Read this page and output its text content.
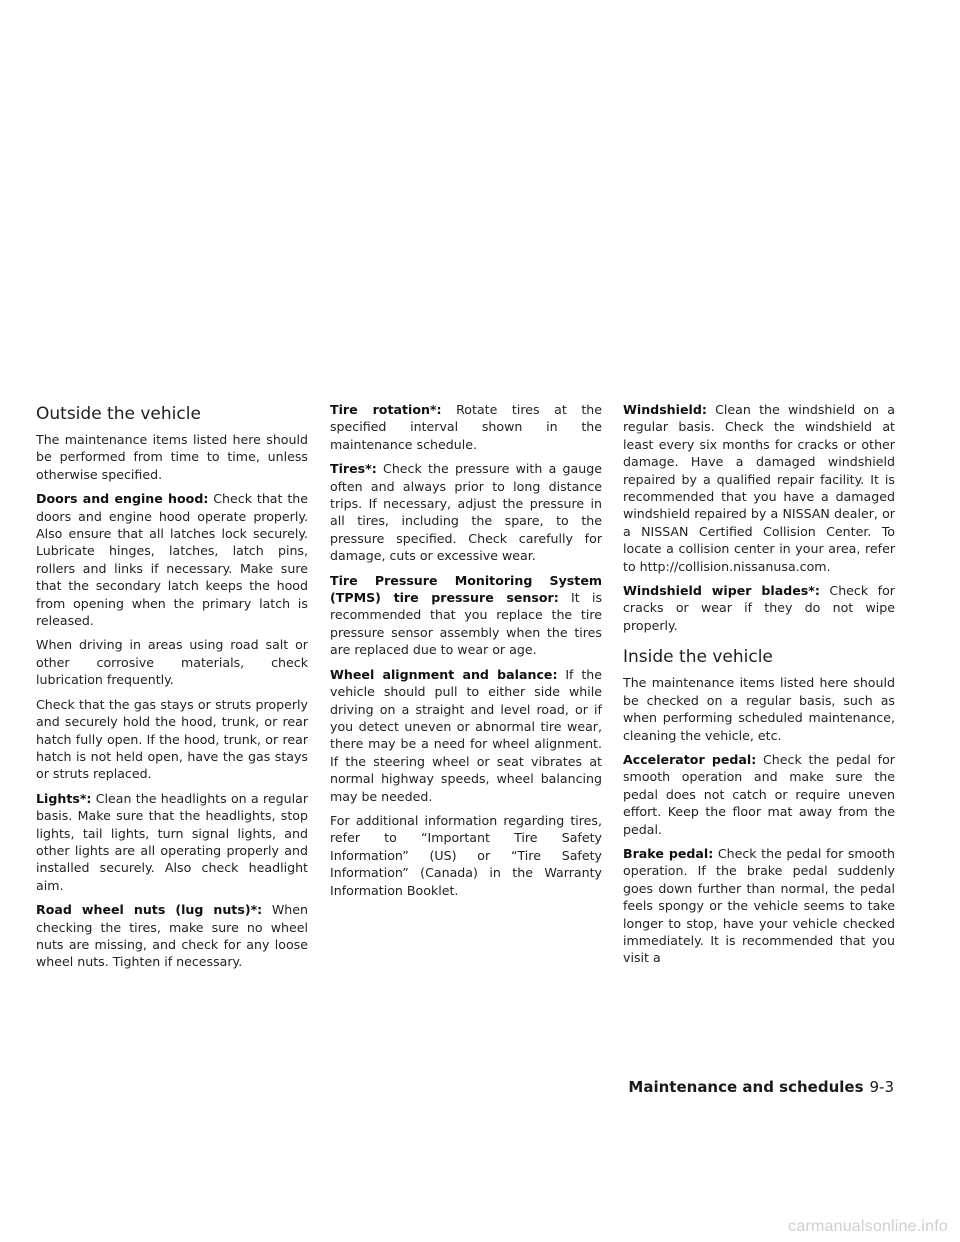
Outside the vehicle

The maintenance items listed here should be performed from time to time, unless otherwise specified.

Doors and engine hood: Check that the doors and engine hood operate properly. Also ensure that all latches lock securely. Lubricate hinges, latches, latch pins, rollers and links if necessary. Make sure that the secondary latch keeps the hood from opening when the primary latch is released.

When driving in areas using road salt or other corrosive materials, check lubrication frequently.

Check that the gas stays or struts properly and securely hold the hood, trunk, or rear hatch fully open. If the hood, trunk, or rear hatch is not held open, have the gas stays or struts replaced.

Lights*: Clean the headlights on a regular basis. Make sure that the headlights, stop lights, tail lights, turn signal lights, and other lights are all operating properly and installed securely. Also check headlight aim.

Road wheel nuts (lug nuts)*: When checking the tires, make sure no wheel nuts are missing, and check for any loose wheel nuts. Tighten if necessary.

Tire rotation*: Rotate tires at the specified interval shown in the maintenance schedule.

Tires*: Check the pressure with a gauge often and always prior to long distance trips. If necessary, adjust the pressure in all tires, including the spare, to the pressure specified. Check carefully for damage, cuts or excessive wear.

Tire Pressure Monitoring System (TPMS) tire pressure sensor: It is recommended that you replace the tire pressure sensor assembly when the tires are replaced due to wear or age.

Wheel alignment and balance: If the vehicle should pull to either side while driving on a straight and level road, or if you detect uneven or abnormal tire wear, there may be a need for wheel alignment. If the steering wheel or seat vibrates at normal highway speeds, wheel balancing may be needed.

For additional information regarding tires, refer to “Important Tire Safety Information” (US) or “Tire Safety Information” (Canada) in the Warranty Information Booklet.

Windshield: Clean the windshield on a regular basis. Check the windshield at least every six months for cracks or other damage. Have a damaged windshield repaired by a qualified repair facility. It is recommended that you have a damaged windshield repaired by a NISSAN dealer, or a NISSAN Certified Collision Center. To locate a collision center in your area, refer to http://collision.nissanusa.com.

Windshield wiper blades*: Check for cracks or wear if they do not wipe properly.

Inside the vehicle

The maintenance items listed here should be checked on a regular basis, such as when performing scheduled maintenance, cleaning the vehicle, etc.

Accelerator pedal: Check the pedal for smooth operation and make sure the pedal does not catch or require uneven effort. Keep the floor mat away from the pedal.

Brake pedal: Check the pedal for smooth operation. If the brake pedal suddenly goes down further than normal, the pedal feels spongy or the vehicle seems to take longer to stop, have your vehicle checked immediately. It is recommended that you visit a

Maintenance and schedules 9-3
carmanualsonline.info
